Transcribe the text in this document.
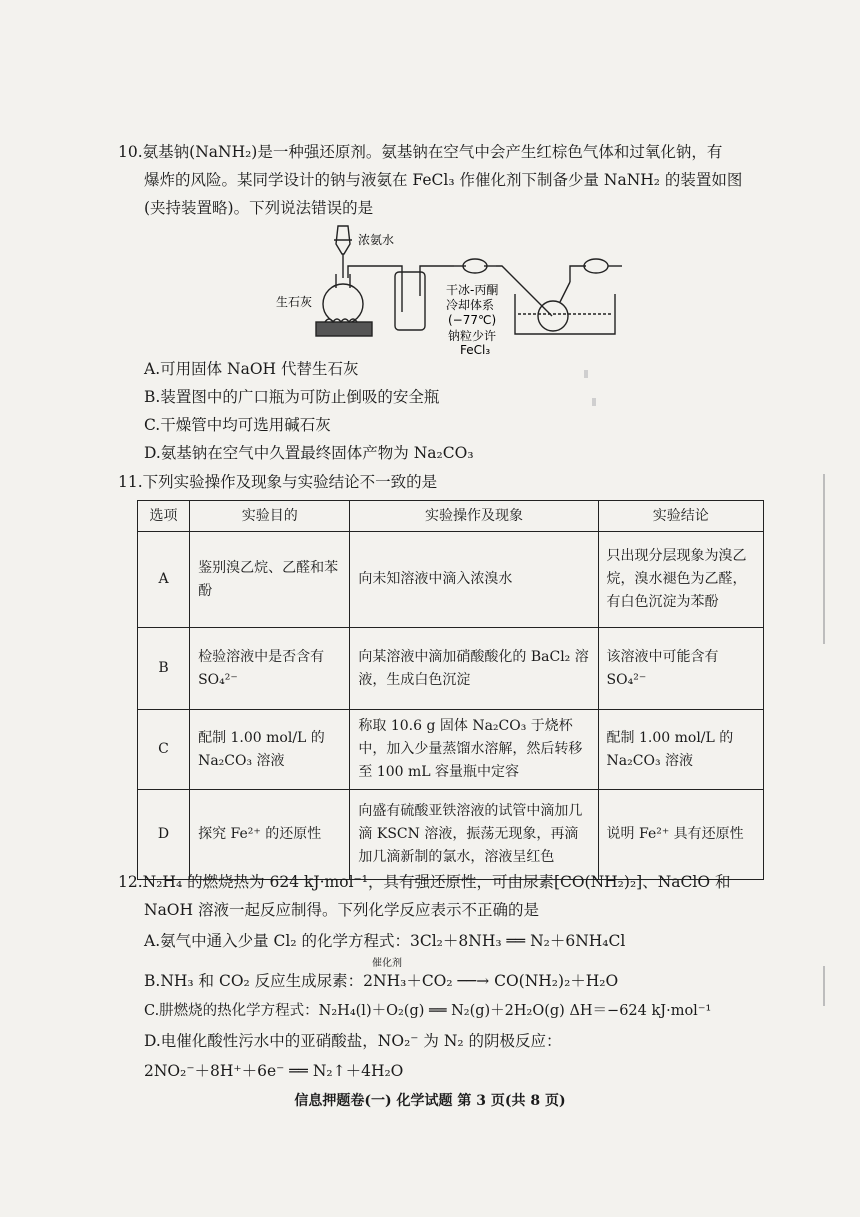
10.氨基钠(NaNH₂)是一种强还原剂。氨基钠在空气中会产生红棕色气体和过氧化钠，有

爆炸的风险。某同学设计的钠与液氨在 FeCl₃ 作催化剂下制备少量 NaNH₂ 的装置如图

(夹持装置略)。下列说法错误的是

浓氨水
生石灰
干冰-丙酮
冷却体系
(−77℃)
钠粒少许
FeCl₃
A.可用固体 NaOH 代替生石灰
B.装置图中的广口瓶为可防止倒吸的安全瓶
C.干燥管中均可选用碱石灰
D.氨基钠在空气中久置最终固体产物为 Na₂CO₃

11.下列实验操作及现象与实验结论不一致的是

选项	实验目的	实验操作及现象	实验结论
A	鉴别溴乙烷、乙醛和苯酚	向未知溶液中滴入浓溴水	只出现分层现象为溴乙烷，溴水褪色为乙醛，有白色沉淀为苯酚
B	检验溶液中是否含有SO₄²⁻	向某溶液中滴加硝酸酸化的 BaCl₂ 溶液，生成白色沉淀	该溶液中可能含有SO₄²⁻
C	配制 1.00 mol/L 的 Na₂CO₃ 溶液	称取 10.6 g 固体 Na₂CO₃ 于烧杯中，加入少量蒸馏水溶解，然后转移至 100 mL 容量瓶中定容	配制 1.00 mol/L 的 Na₂CO₃ 溶液
D	探究 Fe²⁺ 的还原性	向盛有硫酸亚铁溶液的试管中滴加几滴 KSCN 溶液，振荡无现象，再滴加几滴新制的氯水，溶液呈红色	说明 Fe²⁺ 具有还原性

12.N₂H₄ 的燃烧热为 624 kJ·mol⁻¹，具有强还原性，可由尿素[CO(NH₂)₂]、NaClO 和

NaOH 溶液一起反应制得。下列化学反应表示不正确的是

A.氨气中通入少量 Cl₂ 的化学方程式：3Cl₂＋8NH₃ ══ N₂＋6NH₄Cl
催化剂
B.NH₃ 和 CO₂ 反应生成尿素：2NH₃＋CO₂ ──→ CO(NH₂)₂＋H₂O
C.肼燃烧的热化学方程式：N₂H₄(l)＋O₂(g) ══ N₂(g)＋2H₂O(g) ΔH＝−624 kJ·mol⁻¹
D.电催化酸性污水中的亚硝酸盐，NO₂⁻ 为 N₂ 的阴极反应：
2NO₂⁻＋8H⁺＋6e⁻ ══ N₂↑＋4H₂O
信息押题卷(一) 化学试题 第 3 页(共 8 页)
